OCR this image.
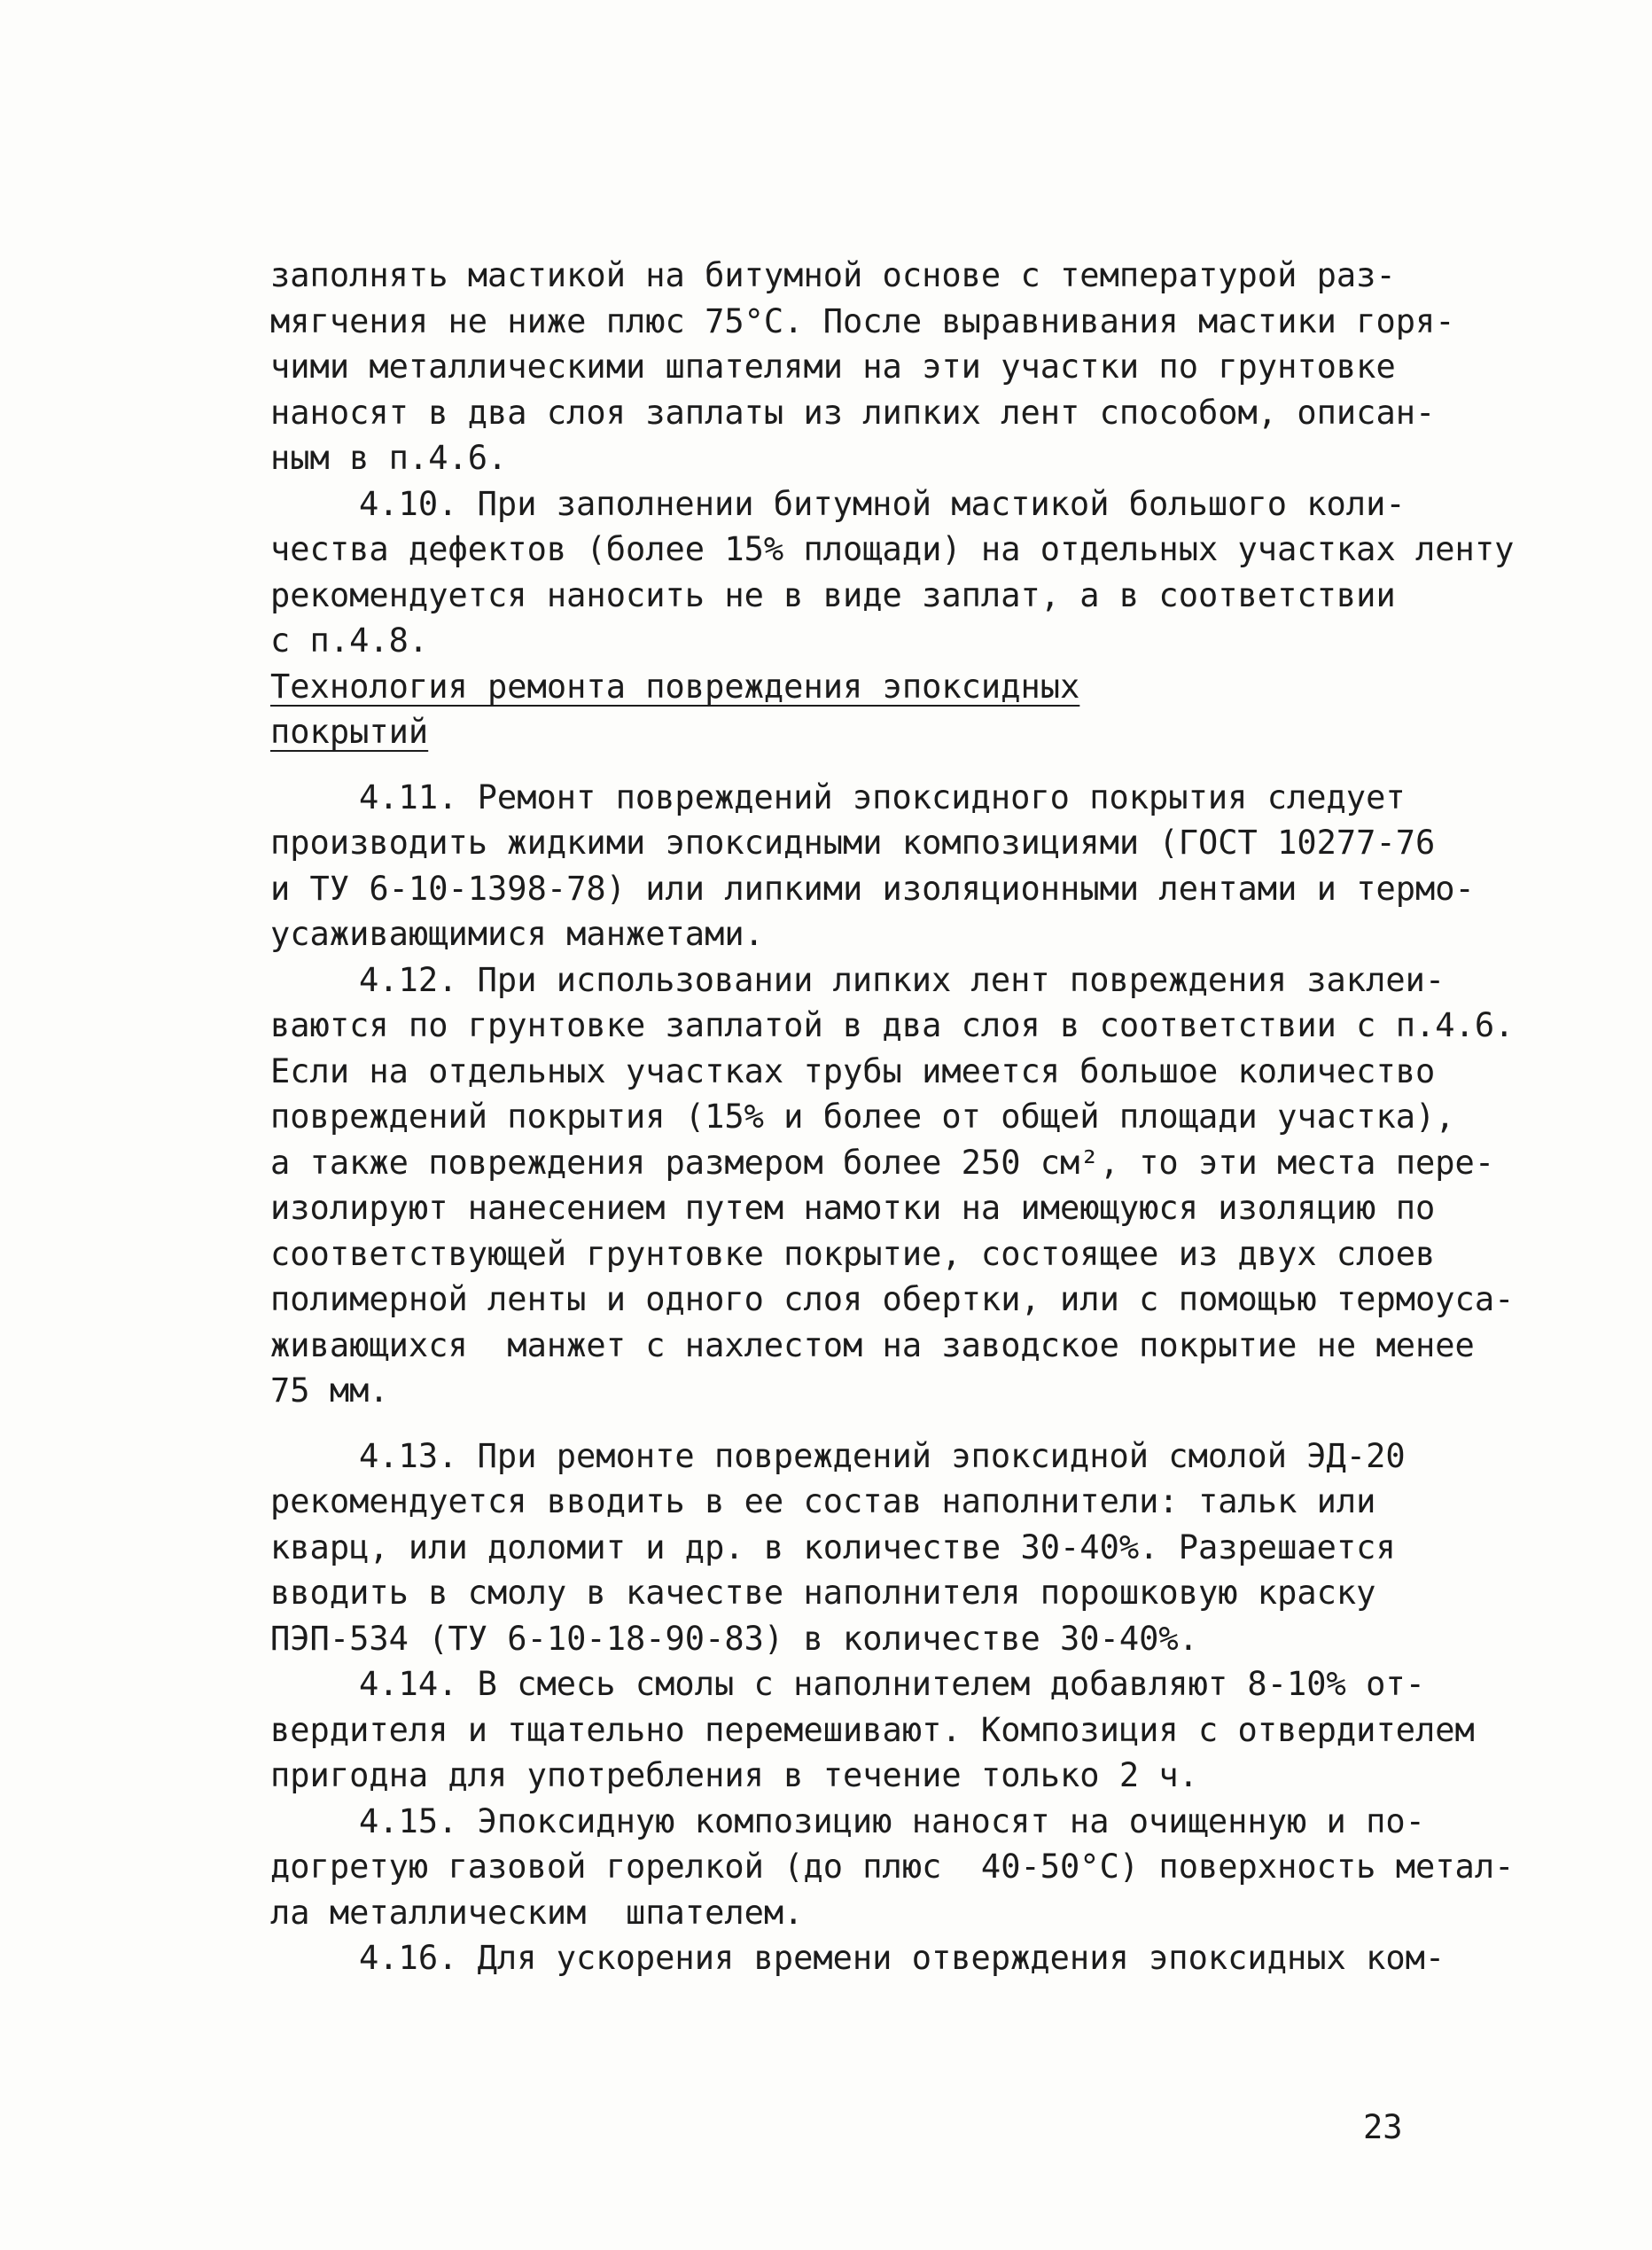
заполнять мастикой на битумной основе с температурой раз-
мягчения не ниже плюс 75°С. После выравнивания мастики горя-
чими металлическими шпателями на эти участки по грунтовке
наносят в два слоя заплаты из липких лент способом, описан-
ным в п.4.6.
4.10. При заполнении битумной мастикой большого коли-
чества дефектов (более 15% площади) на отдельных участках ленту
рекомендуется наносить не в виде заплат, а в соответствии
с п.4.8.
Технология ремонта повреждения эпоксидных
покрытий
4.11. Ремонт повреждений эпоксидного покрытия следует
производить жидкими эпоксидными композициями (ГОСТ 10277-76
и ТУ 6-10-1398-78) или липкими изоляционными лентами и термо-
усаживающимися манжетами.
4.12. При использовании липких лент повреждения заклеи-
ваются по грунтовке заплатой в два слоя в соответствии с п.4.6.
Если на отдельных участках трубы имеется большое количество
повреждений покрытия (15% и более от общей площади участка),
а также повреждения размером более 250 см², то эти места пере-
изолируют нанесением путем намотки на имеющуюся изоляцию по
соответствующей грунтовке покрытие, состоящее из двух слоев
полимерной ленты и одного слоя обертки, или с помощью термоуса-
живающихся  манжет с нахлестом на заводское покрытие не менее
75 мм.
4.13. При ремонте повреждений эпоксидной смолой ЭД-20
рекомендуется вводить в ее состав наполнители: тальк или
кварц, или доломит и др. в количестве 30-40%. Разрешается
вводить в смолу в качестве наполнителя порошковую краску
ПЭП-534 (ТУ 6-10-18-90-83) в количестве 30-40%.
4.14. В смесь смолы с наполнителем добавляют 8-10% от-
вердителя и тщательно перемешивают. Композиция с отвердителем
пригодна для употребления в течение только 2 ч.
4.15. Эпоксидную композицию наносят на очищенную и по-
догретую газовой горелкой (до плюс  40-50°С) поверхность метал-
ла металлическим  шпателем.
4.16. Для ускорения времени отверждения эпоксидных ком-
23
